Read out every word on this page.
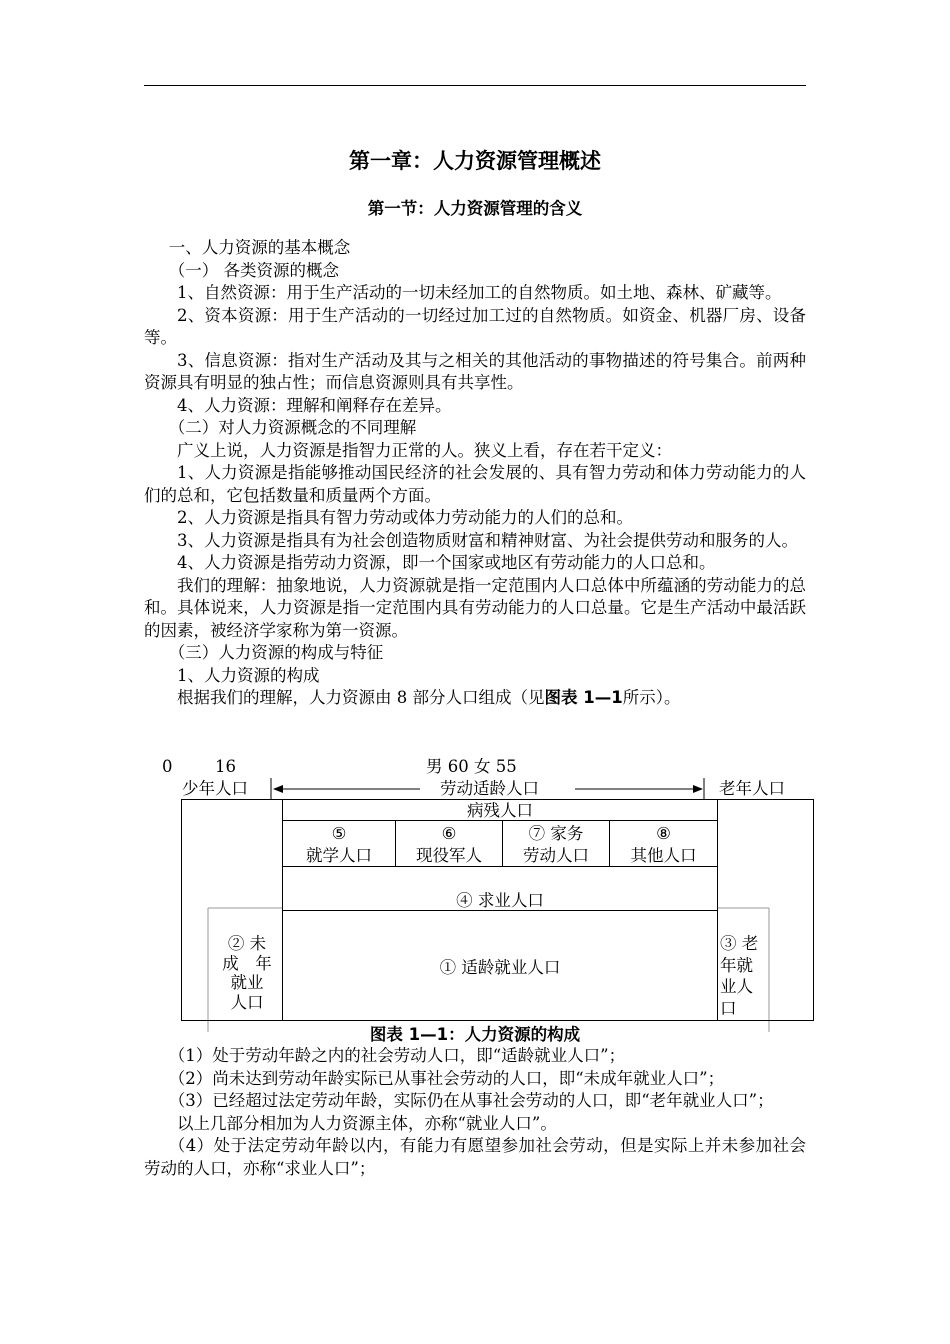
第一章：人力资源管理概述
第一节：人力资源管理的含义

一、人力资源的基本概念

（一） 各类资源的概念

1、自然资源：用于生产活动的一切未经加工的自然物质。如土地、森林、矿藏等。

2、资本资源：用于生产活动的一切经过加工过的自然物质。如资金、机器厂房、设备等。

3、信息资源：指对生产活动及其与之相关的其他活动的事物描述的符号集合。前两种资源具有明显的独占性；而信息资源则具有共享性。

4、人力资源：理解和阐释存在差异。

（二）对人力资源概念的不同理解

广义上说，人力资源是指智力正常的人。狭义上看，存在若干定义：

1、人力资源是指能够推动国民经济的社会发展的、具有智力劳动和体力劳动能力的人们的总和，它包括数量和质量两个方面。

2、人力资源是指具有智力劳动或体力劳动能力的人们的总和。

3、人力资源是指具有为社会创造物质财富和精神财富、为社会提供劳动和服务的人。

4、人力资源是指劳动力资源，即一个国家或地区有劳动能力的人口总和。

我们的理解：抽象地说，人力资源就是指一定范围内人口总体中所蕴涵的劳动能力的总和。具体说来，人力资源是指一定范围内具有劳动能力的人口总量。它是生产活动中最活跃的因素，被经济学家称为第一资源。

（三）人力资源的构成与特征

1、人力资源的构成

根据我们的理解，人力资源由 8 部分人口组成（见图表 1—1所示）。

0	16	男 60 女 55
少年人口	劳动适龄人口	老年人口
病残人口
⑤
就学人口
⑥
现役军人
⑦ 家务
劳动人口
⑧
其他人口
④ 求业人口
① 适龄就业人口
② 未
成　年
就业
人口
③ 老
年就
业人
口
图表 1—1：人力资源的构成

（1）处于劳动年龄之内的社会劳动人口，即“适龄就业人口”；

（2）尚未达到劳动年龄实际已从事社会劳动的人口，即“未成年就业人口”；

（3）已经超过法定劳动年龄，实际仍在从事社会劳动的人口，即“老年就业人口”；

以上几部分相加为人力资源主体，亦称“就业人口”。

（4）处于法定劳动年龄以内，有能力有愿望参加社会劳动，但是实际上并未参加社会劳动的人口，亦称“求业人口”；
